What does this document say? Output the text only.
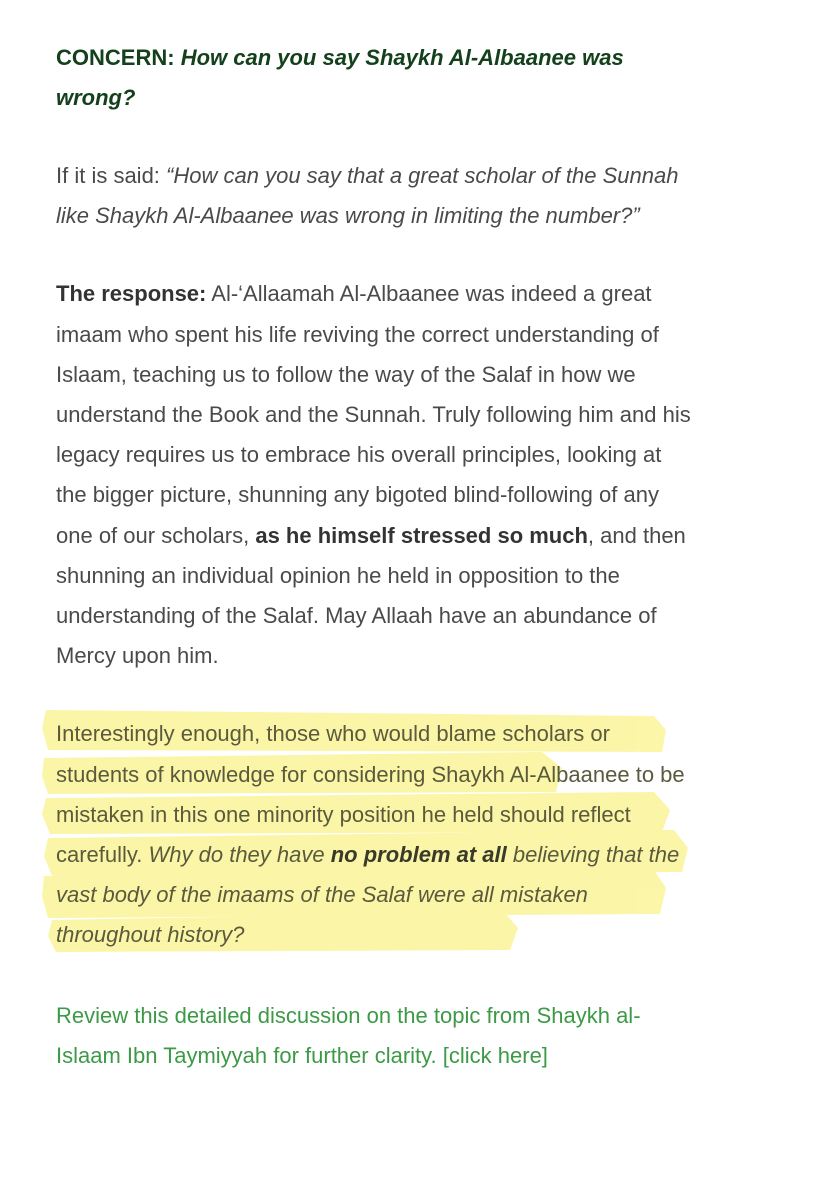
CONCERN: How can you say Shaykh Al-Albaanee was wrong?

If it is said: “How can you say that a great scholar of the Sunnah like Shaykh Al-Albaanee was wrong in limiting the number?”

The response: Al-‘Allaamah Al-Albaanee was indeed a great imaam who spent his life reviving the correct understanding of Islaam, teaching us to follow the way of the Salaf in how we understand the Book and the Sunnah. Truly following him and his legacy requires us to embrace his overall principles, looking at the bigger picture, shunning any bigoted blind-following of any one of our scholars, as he himself stressed so much, and then shunning an individual opinion he held in opposition to the understanding of the Salaf. May Allaah have an abundance of Mercy upon him.

Interestingly enough, those who would blame scholars or students of knowledge for considering Shaykh Al-Albaanee to be mistaken in this one minority position he held should reflect carefully. Why do they have no problem at all believing that the vast body of the imaams of the Salaf were all mistaken throughout history?

Review this detailed discussion on the topic from Shaykh al-Islaam Ibn Taymiyyah for further clarity. [click here]
